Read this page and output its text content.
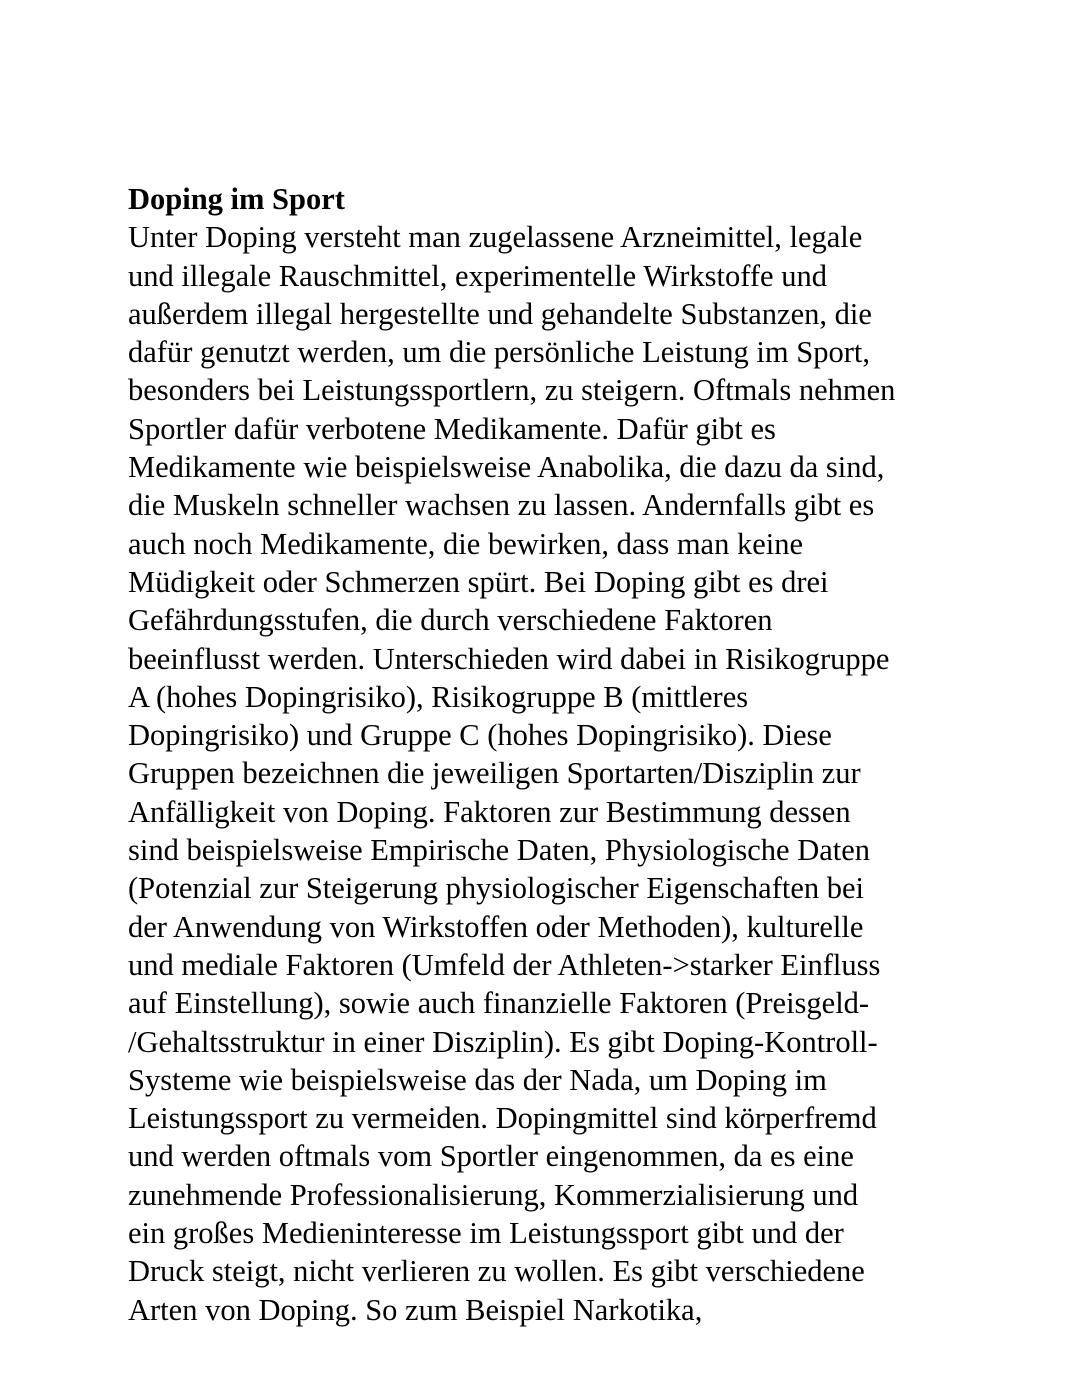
Doping im Sport

Unter Doping versteht man zugelassene Arzneimittel, legale

und illegale Rauschmittel, experimentelle Wirkstoffe und

außerdem illegal hergestellte und gehandelte Substanzen, die

dafür genutzt werden, um die persönliche Leistung im Sport,

besonders bei Leistungssportlern, zu steigern. Oftmals nehmen

Sportler dafür verbotene Medikamente. Dafür gibt es

Medikamente wie beispielsweise Anabolika, die dazu da sind,

die Muskeln schneller wachsen zu lassen. Andernfalls gibt es

auch noch Medikamente, die bewirken, dass man keine

Müdigkeit oder Schmerzen spürt. Bei Doping gibt es drei

Gefährdungsstufen, die durch verschiedene Faktoren

beeinflusst werden. Unterschieden wird dabei in Risikogruppe

A (hohes Dopingrisiko), Risikogruppe B (mittleres

Dopingrisiko) und Gruppe C (hohes Dopingrisiko). Diese

Gruppen bezeichnen die jeweiligen Sportarten/Disziplin zur

Anfälligkeit von Doping. Faktoren zur Bestimmung dessen

sind beispielsweise Empirische Daten, Physiologische Daten

(Potenzial zur Steigerung physiologischer Eigenschaften bei

der Anwendung von Wirkstoffen oder Methoden), kulturelle

und mediale Faktoren (Umfeld der Athleten->starker Einfluss

auf Einstellung), sowie auch finanzielle Faktoren (Preisgeld-

/Gehaltsstruktur in einer Disziplin). Es gibt Doping-Kontroll-

Systeme wie beispielsweise das der Nada, um Doping im

Leistungssport zu vermeiden. Dopingmittel sind körperfremd

und werden oftmals vom Sportler eingenommen, da es eine

zunehmende Professionalisierung, Kommerzialisierung und

ein großes Medieninteresse im Leistungssport gibt und der

Druck steigt, nicht verlieren zu wollen. Es gibt verschiedene

Arten von Doping. So zum Beispiel Narkotika,
